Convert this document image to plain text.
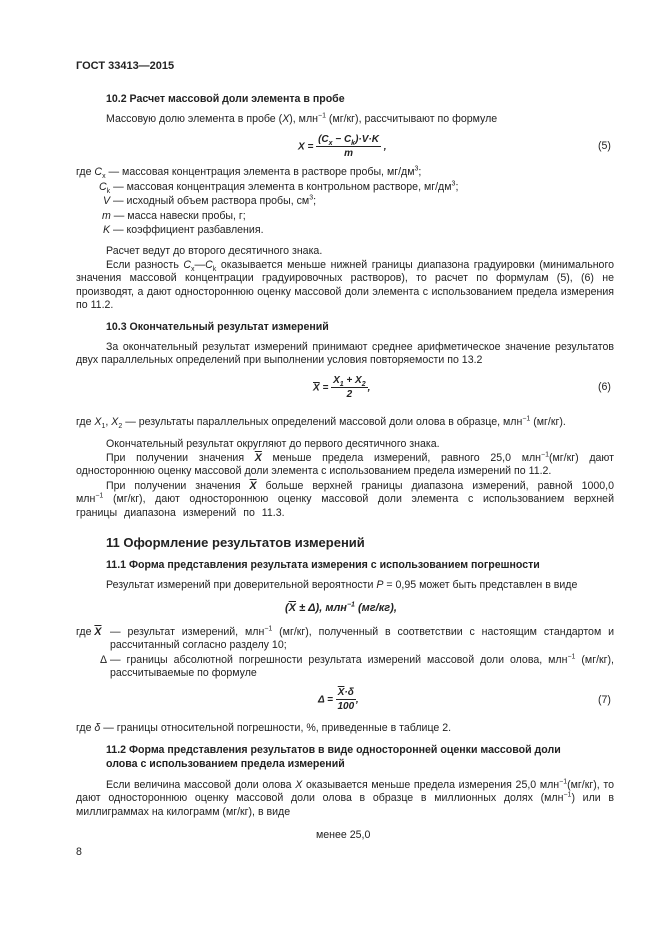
ГОСТ 33413—2015
10.2 Расчет массовой доли элемента в пробе
Массовую долю элемента в пробе (X), млн$^{-1}$ (мг/кг), рассчитывают по формуле
$X = \frac{(C_x - C_k)\cdot V\cdot K}{m}$ ,	(5)
где $C_x$ — массовая концентрация элемента в растворе пробы, $мг/дм^3$;
$C_k$ — массовая концентрация элемента в контрольном растворе, $мг/дм^3$;
V — исходный объем раствора пробы, $см^3$;
m — масса навески пробы, г;
K — коэффициент разбавления.
Расчет ведут до второго десятичного знака.
Если разность $C_x—C_k$ оказывается меньше нижней границы диапазона градуировки (минимального значения массовой концентрации градуировочных растворов), то расчет по формулам (5), (6) не производят, а дают одностороннюю оценку массовой доли элемента с использованием предела измерения по 11.2.
10.3 Окончательный результат измерений
За окончательный результат измерений принимают среднее арифметическое значение результатов двух параллельных определений при выполнении условия повторяемости по 13.2
$\overline{X} = \frac{X_1 + X_2}{2}$ ,	(6)
где $X_1$, $X_2$ — результаты параллельных определений массовой доли олова в образце, млн$^{-1}$ (мг/кг).
Окончательный результат округляют до первого десятичного знака.
При получении значения $\overline{X}$ меньше предела измерений, равного 25,0 млн$^{-1}$(мг/кг) дают одностороннюю оценку массовой доли элемента с использованием предела измерений по 11.2.
При получении значения $\overline{X}$ больше верхней границы диапазона измерений, равной 1000,0 млн$^{-1}$ (мг/кг), дают одностороннюю оценку массовой доли элемента с использованием верхней границы диапазона измерений по 11.3.
11 Оформление результатов измерений
11.1 Форма представления результата измерения с использованием погрешности
Результат измерений при доверительной вероятности P = 0,95 может быть представлен в виде
$(\overline{X} \pm \Delta)$, млн$^{-1}$ (мг/кг),
где $\overline{X}$ — результат измерений, млн$^{-1}$ (мг/кг), полученный в соответствии с настоящим стандартом и рассчитанный согласно разделу 10;
Δ — границы абсолютной погрешности результата измерений массовой доли олова, млн$^{-1}$ (мг/кг), рассчитываемые по формуле
$\Delta = \frac{\overline{X}\cdot\delta}{100}$ ,	(7)
где δ — границы относительной погрешности, %, приведенные в таблице 2.
11.2 Форма представления результатов в виде односторонней оценки массовой доли
олова с использованием предела измерений
Если величина массовой доли олова X оказывается меньше предела измерения 25,0 млн$^{-1}$(мг/кг), то дают одностороннюю оценку массовой доли олова в образце в миллионных долях (млн$^{-1}$) или в миллиграммах на килограмм (мг/кг), в виде
менее 25,0
8
